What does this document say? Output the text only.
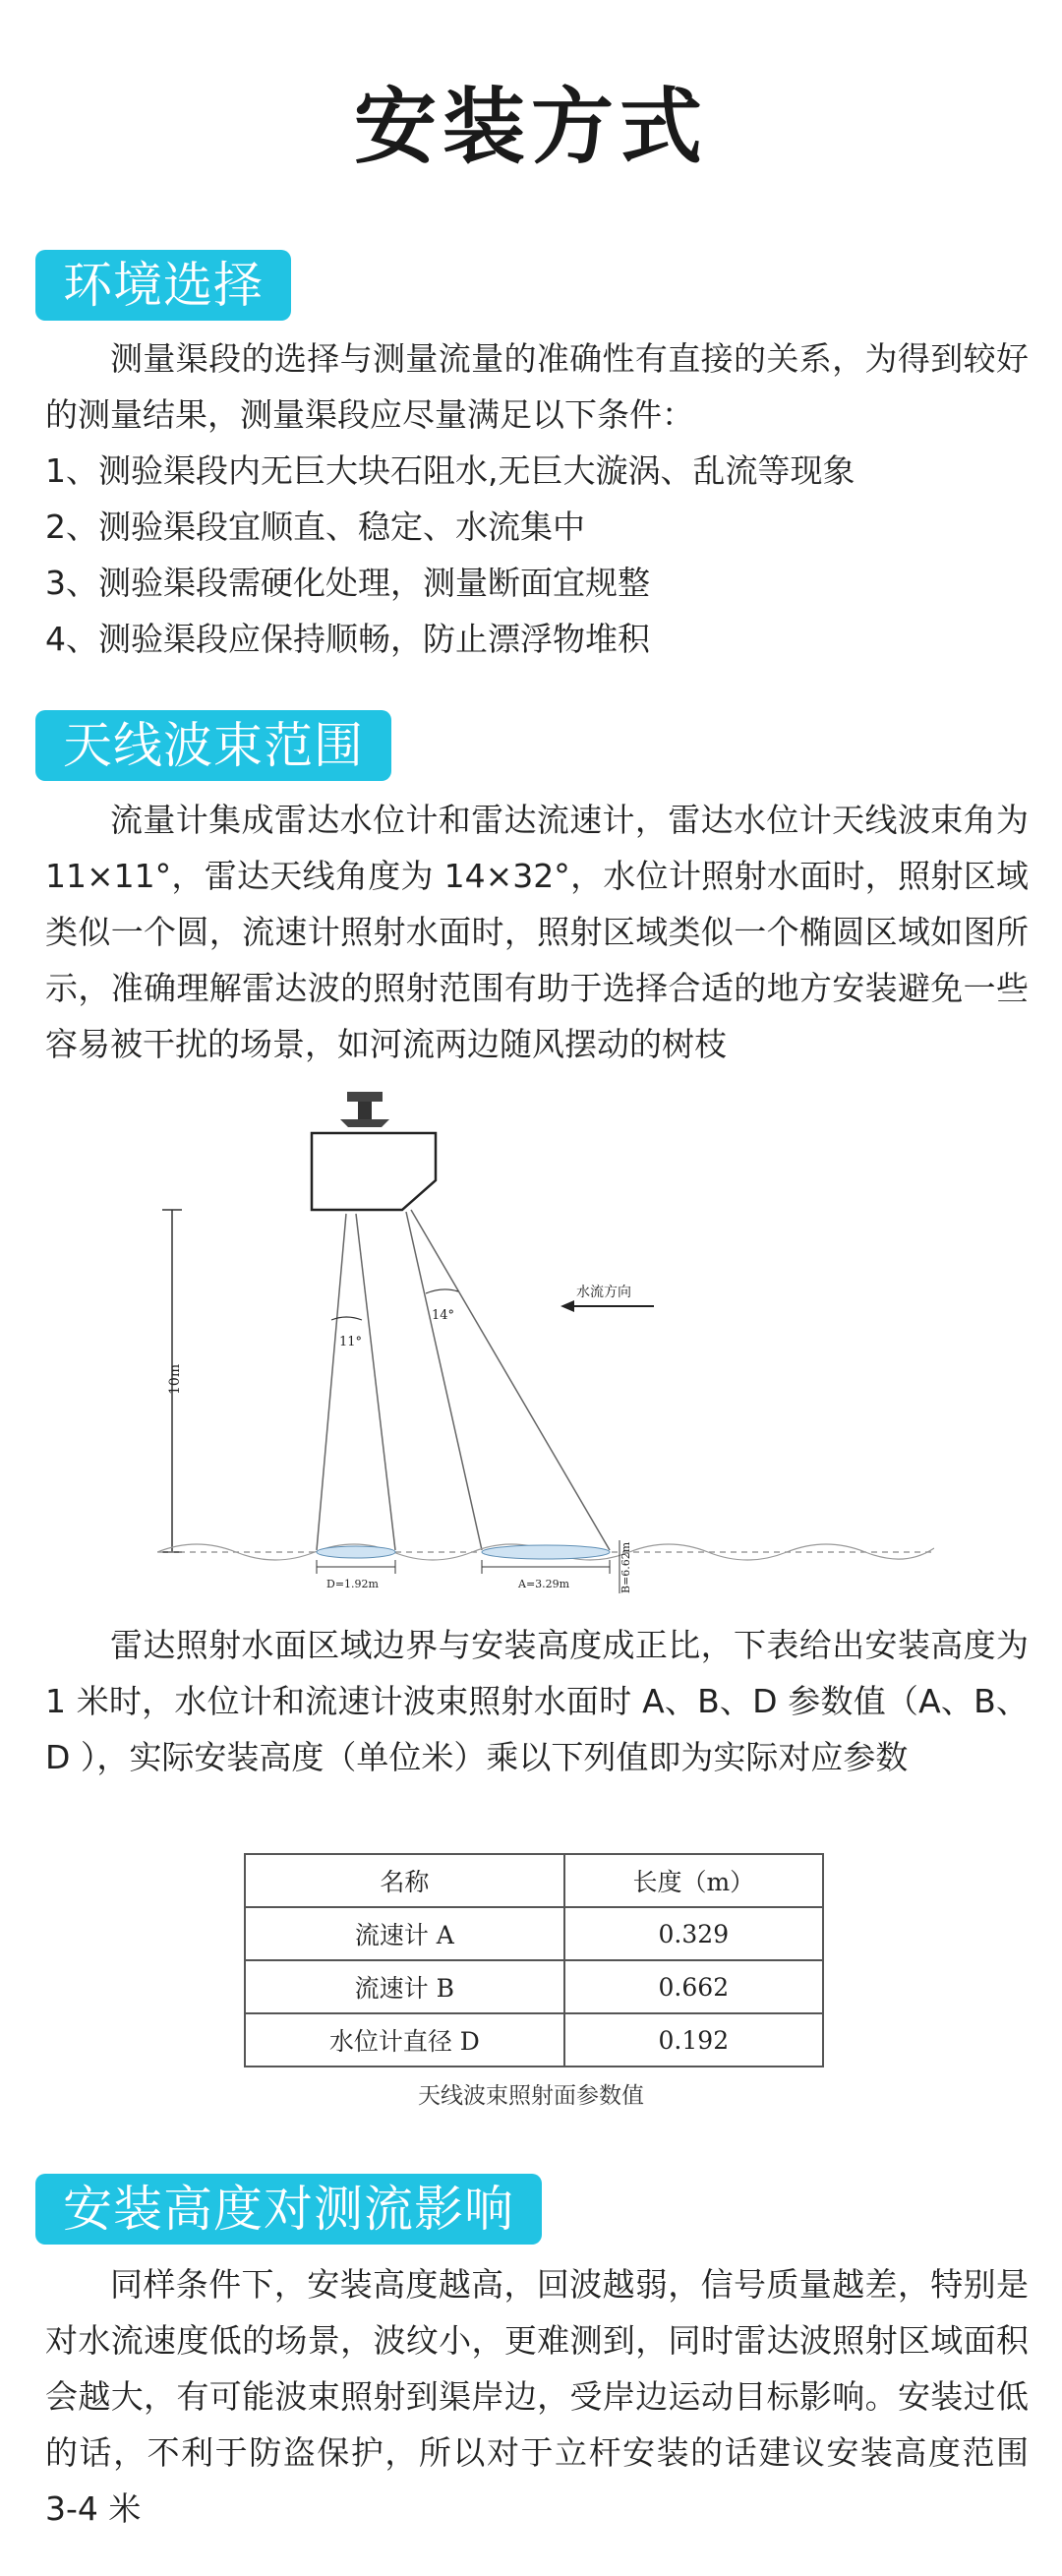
安装方式
环境选择
测量渠段的选择与测量流量的准确性有直接的关系，为得到较好的测量结果，测量渠段应尽量满足以下条件：
1、测验渠段内无巨大块石阻水,无巨大漩涡、乱流等现象
2、测验渠段宜顺直、稳定、水流集中
3、测验渠段需硬化处理，测量断面宜规整
4、测验渠段应保持顺畅，防止漂浮物堆积
天线波束范围
流量计集成雷达水位计和雷达流速计，雷达水位计天线波束角为 11×11°，雷达天线角度为 14×32°，水位计照射水面时，照射区域类似一个圆，流速计照射水面时，照射区域类似一个椭圆区域如图所示，准确理解雷达波的照射范围有助于选择合适的地方安装避免一些容易被干扰的场景，如河流两边随风摆动的树枝
10m
11°
14°
水流方向
D=1.92m	A=3.29m	B=6.62m
雷达照射水面区域边界与安装高度成正比，下表给出安装高度为 1 米时，水位计和流速计波束照射水面时 A、B、D 参数值（A、B、D ），实际安装高度（单位米）乘以下列值即为实际对应参数
名称	长度（m）
流速计 A	0.329
流速计 B	0.662
水位计直径 D	0.192
天线波束照射面参数值
安装高度对测流影响
同样条件下，安装高度越高，回波越弱，信号质量越差，特别是对水流速度低的场景，波纹小，更难测到，同时雷达波照射区域面积会越大，有可能波束照射到渠岸边，受岸边运动目标影响。安装过低的话，不利于防盗保护，所以对于立杆安装的话建议安装高度范围 3-4 米
